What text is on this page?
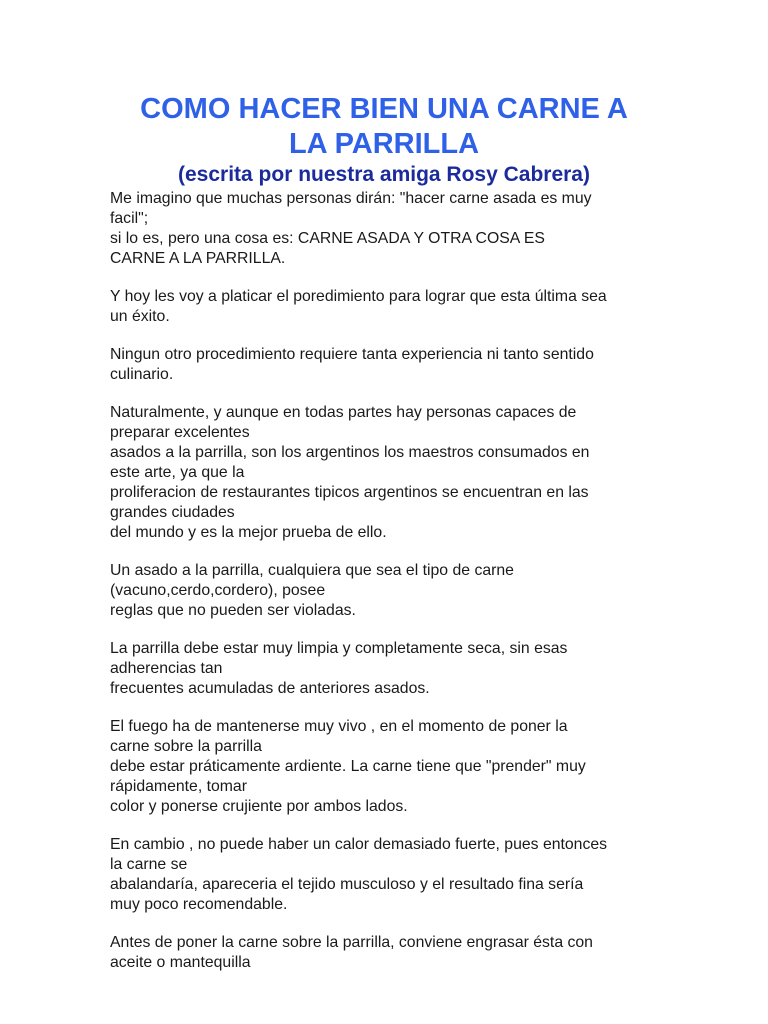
COMO HACER BIEN UNA CARNE A
LA PARRILLA
(escrita por nuestra amiga Rosy Cabrera)

Me imagino que muchas personas dirán: "hacer carne asada es muy
facil";
si lo es, pero una cosa es: CARNE ASADA Y OTRA COSA ES
CARNE A LA PARRILLA.

Y hoy les voy a platicar el poredimiento para lograr que esta última sea
un éxito.

Ningun otro procedimiento requiere tanta experiencia ni tanto sentido
culinario.

Naturalmente, y aunque en todas partes hay personas capaces de
preparar excelentes
asados a la parrilla, son los argentinos los maestros consumados en
este arte, ya que la
proliferacion de restaurantes tipicos argentinos se encuentran en las
grandes ciudades
del mundo y es la mejor prueba de ello.

Un asado a la parrilla, cualquiera que sea el tipo de carne
(vacuno,cerdo,cordero), posee
reglas que no pueden ser violadas.

La parrilla debe estar muy limpia y completamente seca, sin esas
adherencias tan
frecuentes acumuladas de anteriores asados.

El fuego ha de mantenerse muy vivo , en el momento de poner la
carne sobre la parrilla
debe estar práticamente ardiente. La carne tiene que "prender" muy
rápidamente, tomar
color y ponerse crujiente por ambos lados.

En cambio , no puede haber un calor demasiado fuerte, pues entonces
la carne se
abalandaría, apareceria el tejido musculoso y el resultado fina sería
muy poco recomendable.

Antes de poner la carne sobre la parrilla, conviene engrasar ésta con
aceite o mantequilla
